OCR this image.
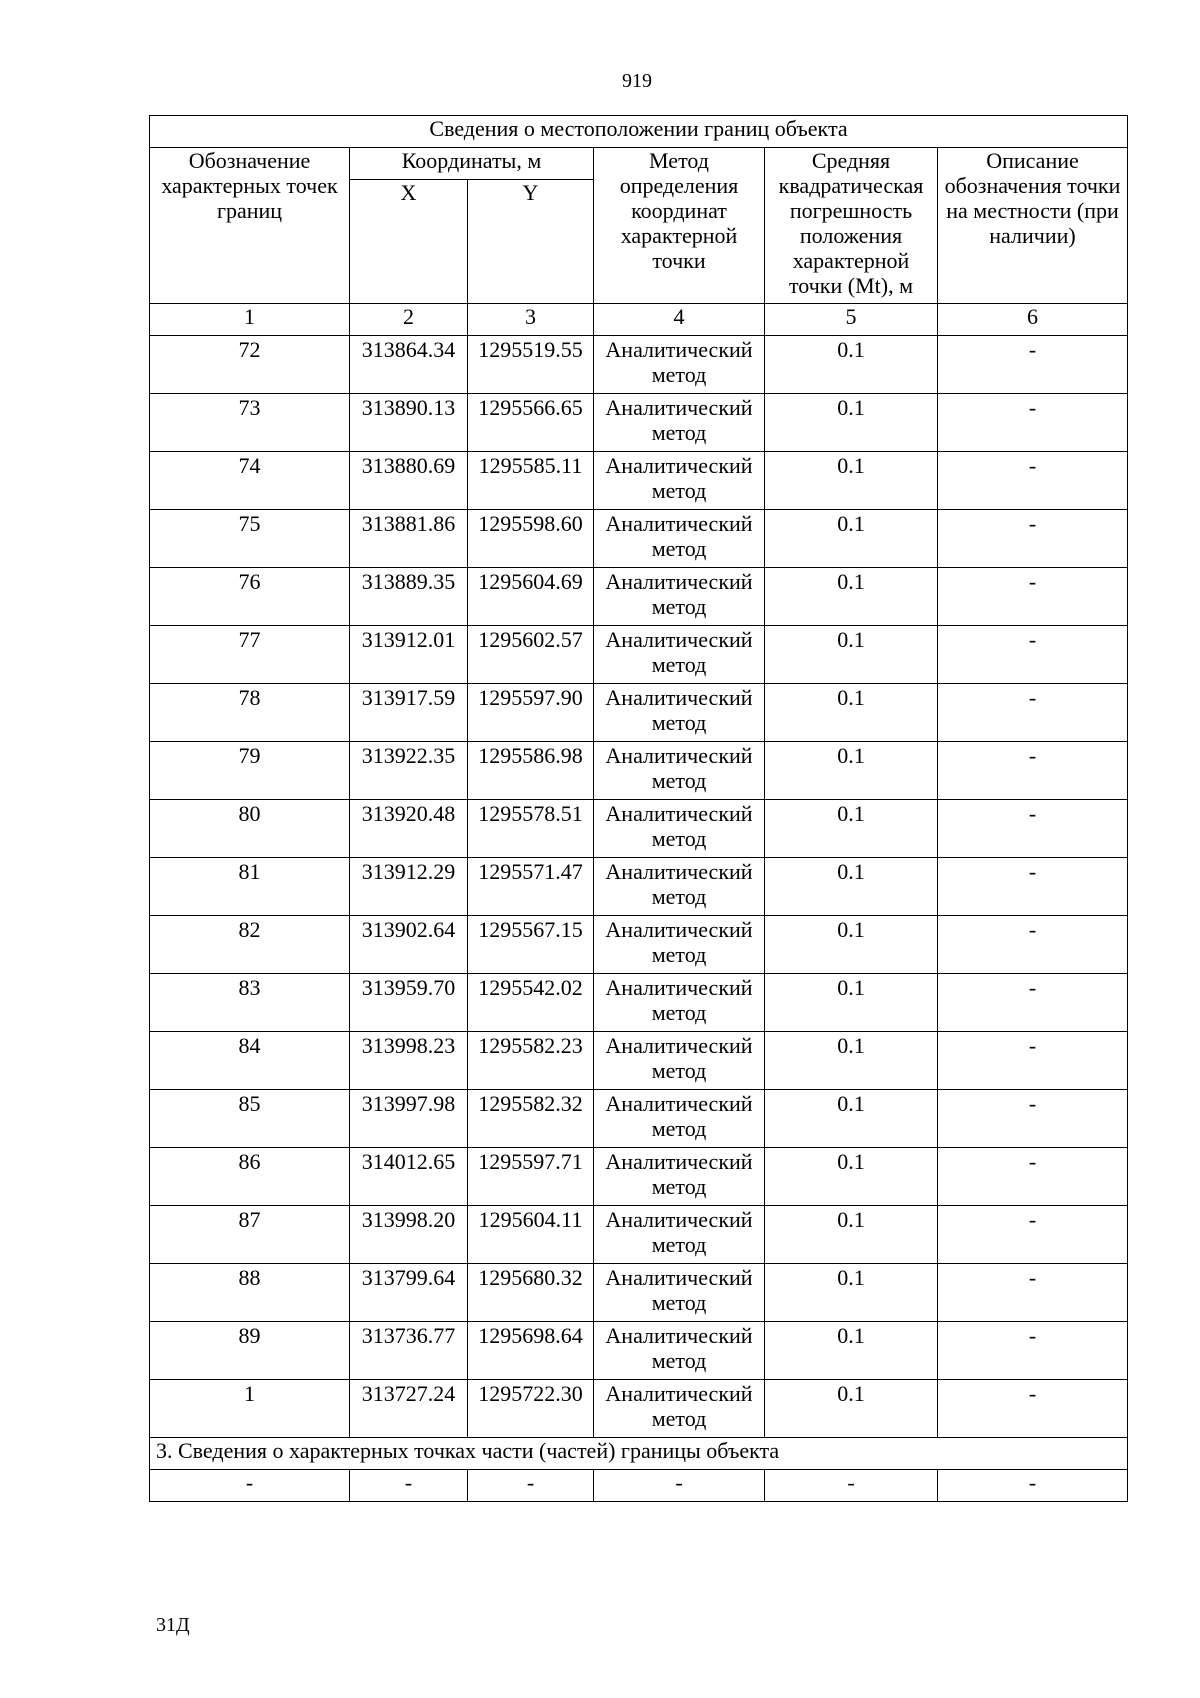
919
Сведения о местоположении границ объекта					
Обозначение характерных точек границ	Координаты, м		Метод определения координат характерной точки	Средняя квадратическая погрешность положения характерной точки (Mt), м	Описание обозначения точки на местности (при наличии)
	X	Y			
1	2	3	4	5	6
72	313864.34	1295519.55	Аналитический метод	0.1	-
73	313890.13	1295566.65	Аналитический метод	0.1	-
74	313880.69	1295585.11	Аналитический метод	0.1	-
75	313881.86	1295598.60	Аналитический метод	0.1	-
76	313889.35	1295604.69	Аналитический метод	0.1	-
77	313912.01	1295602.57	Аналитический метод	0.1	-
78	313917.59	1295597.90	Аналитический метод	0.1	-
79	313922.35	1295586.98	Аналитический метод	0.1	-
80	313920.48	1295578.51	Аналитический метод	0.1	-
81	313912.29	1295571.47	Аналитический метод	0.1	-
82	313902.64	1295567.15	Аналитический метод	0.1	-
83	313959.70	1295542.02	Аналитический метод	0.1	-
84	313998.23	1295582.23	Аналитический метод	0.1	-
85	313997.98	1295582.32	Аналитический метод	0.1	-
86	314012.65	1295597.71	Аналитический метод	0.1	-
87	313998.20	1295604.11	Аналитический метод	0.1	-
88	313799.64	1295680.32	Аналитический метод	0.1	-
89	313736.77	1295698.64	Аналитический метод	0.1	-
1	313727.24	1295722.30	Аналитический метод	0.1	-
3. Сведения о характерных точках части (частей) границы объекта					
-	-	-	-	-	-
31Д
